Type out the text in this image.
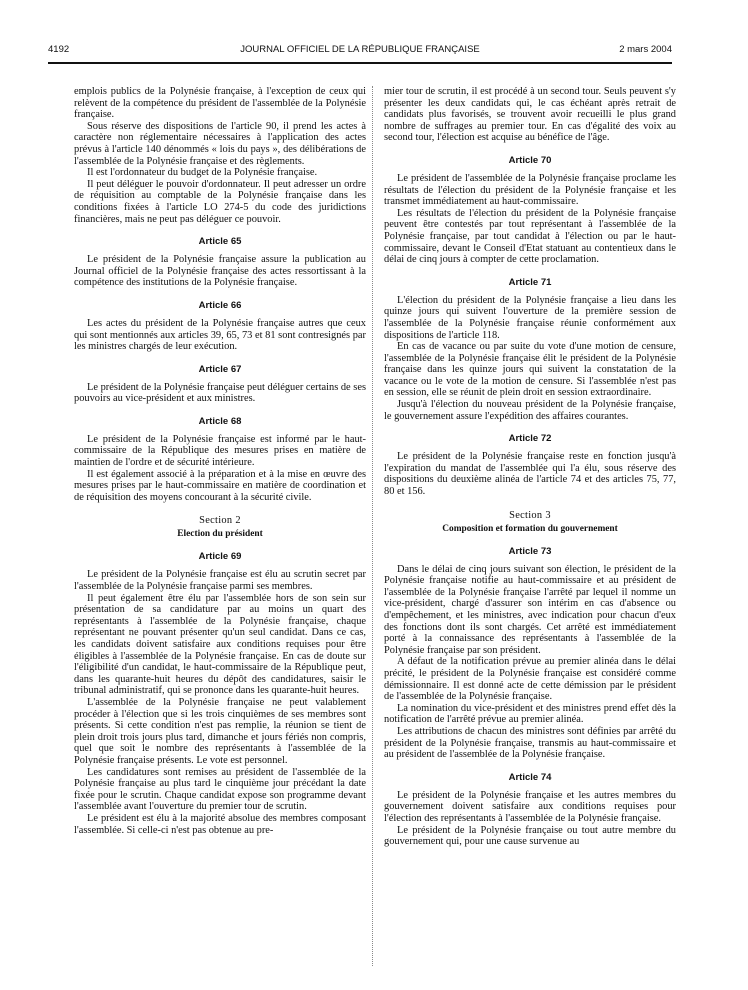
4192	JOURNAL OFFICIEL DE LA RÉPUBLIQUE FRANÇAISE	2 mars 2004

emplois publics de la Polynésie française, à l'exception de ceux qui relèvent de la compétence du président de l'assemblée de la Polynésie française.

Sous réserve des dispositions de l'article 90, il prend les actes à caractère non réglementaire nécessaires à l'application des actes prévus à l'article 140 dénommés « lois du pays », des délibérations de l'assemblée de la Polynésie française et des règlements.

Il est l'ordonnateur du budget de la Polynésie française.

Il peut déléguer le pouvoir d'ordonnateur. Il peut adresser un ordre de réquisition au comptable de la Polynésie française dans les conditions fixées à l'article LO 274-5 du code des juridictions financières, mais ne peut pas déléguer ce pouvoir.

Article 65

Le président de la Polynésie française assure la publication au Journal officiel de la Polynésie française des actes ressortissant à la compétence des institutions de la Polynésie française.

Article 66

Les actes du président de la Polynésie française autres que ceux qui sont mentionnés aux articles 39, 65, 73 et 81 sont contresignés par les ministres chargés de leur exécution.

Article 67

Le président de la Polynésie française peut déléguer certains de ses pouvoirs au vice-président et aux ministres.

Article 68

Le président de la Polynésie française est informé par le haut-commissaire de la République des mesures prises en matière de maintien de l'ordre et de sécurité intérieure.

Il est également associé à la préparation et à la mise en œuvre des mesures prises par le haut-commissaire en matière de coordination et de réquisition des moyens concourant à la sécurité civile.

Section 2
Election du président
Article 69

Le président de la Polynésie française est élu au scrutin secret par l'assemblée de la Polynésie française parmi ses membres.

Il peut également être élu par l'assemblée hors de son sein sur présentation de sa candidature par au moins un quart des représentants à l'assemblée de la Polynésie française, chaque représentant ne pouvant présenter qu'un seul candidat. Dans ce cas, les candidats doivent satisfaire aux conditions requises pour être éligibles à l'assemblée de la Polynésie française. En cas de doute sur l'éligibilité d'un candidat, le haut-commissaire de la République peut, dans les quarante-huit heures du dépôt des candidatures, saisir le tribunal administratif, qui se prononce dans les quarante-huit heures.

L'assemblée de la Polynésie française ne peut valablement procéder à l'élection que si les trois cinquièmes de ses membres sont présents. Si cette condition n'est pas remplie, la réunion se tient de plein droit trois jours plus tard, dimanche et jours fériés non compris, quel que soit le nombre des représentants à l'assemblée de la Polynésie française présents. Le vote est personnel.

Les candidatures sont remises au président de l'assemblée de la Polynésie française au plus tard le cinquième jour précédant la date fixée pour le scrutin. Chaque candidat expose son programme devant l'assemblée avant l'ouverture du premier tour de scrutin.

Le président est élu à la majorité absolue des membres composant l'assemblée. Si celle-ci n'est pas obtenue au pre-

mier tour de scrutin, il est procédé à un second tour. Seuls peuvent s'y présenter les deux candidats qui, le cas échéant après retrait de candidats plus favorisés, se trouvent avoir recueilli le plus grand nombre de suffrages au premier tour. En cas d'égalité des voix au second tour, l'élection est acquise au bénéfice de l'âge.

Article 70

Le président de l'assemblée de la Polynésie française proclame les résultats de l'élection du président de la Polynésie française et les transmet immédiatement au haut-commissaire.

Les résultats de l'élection du président de la Polynésie française peuvent être contestés par tout représentant à l'assemblée de la Polynésie française, par tout candidat à l'élection ou par le haut-commissaire, devant le Conseil d'Etat statuant au contentieux dans le délai de cinq jours à compter de cette proclamation.

Article 71

L'élection du président de la Polynésie française a lieu dans les quinze jours qui suivent l'ouverture de la première session de l'assemblée de la Polynésie française réunie conformément aux dispositions de l'article 118.

En cas de vacance ou par suite du vote d'une motion de censure, l'assemblée de la Polynésie française élit le président de la Polynésie française dans les quinze jours qui suivent la constatation de la vacance ou le vote de la motion de censure. Si l'assemblée n'est pas en session, elle se réunit de plein droit en session extraordinaire.

Jusqu'à l'élection du nouveau président de la Polynésie française, le gouvernement assure l'expédition des affaires courantes.

Article 72

Le président de la Polynésie française reste en fonction jusqu'à l'expiration du mandat de l'assemblée qui l'a élu, sous réserve des dispositions du deuxième alinéa de l'article 74 et des articles 75, 77, 80 et 156.

Section 3
Composition et formation du gouvernement
Article 73

Dans le délai de cinq jours suivant son élection, le président de la Polynésie française notifie au haut-commissaire et au président de l'assemblée de la Polynésie française l'arrêté par lequel il nomme un vice-président, chargé d'assurer son intérim en cas d'absence ou d'empêchement, et les ministres, avec indication pour chacun d'eux des fonctions dont ils sont chargés. Cet arrêté est immédiatement porté à la connaissance des représentants à l'assemblée de la Polynésie française par son président.

A défaut de la notification prévue au premier alinéa dans le délai précité, le président de la Polynésie française est considéré comme démissionnaire. Il est donné acte de cette démission par le président de l'assemblée de la Polynésie française.

La nomination du vice-président et des ministres prend effet dès la notification de l'arrêté prévue au premier alinéa.

Les attributions de chacun des ministres sont définies par arrêté du président de la Polynésie française, transmis au haut-commissaire et au président de l'assemblée de la Polynésie française.

Article 74

Le président de la Polynésie française et les autres membres du gouvernement doivent satisfaire aux conditions requises pour l'élection des représentants à l'assemblée de la Polynésie française.

Le président de la Polynésie française ou tout autre membre du gouvernement qui, pour une cause survenue au
